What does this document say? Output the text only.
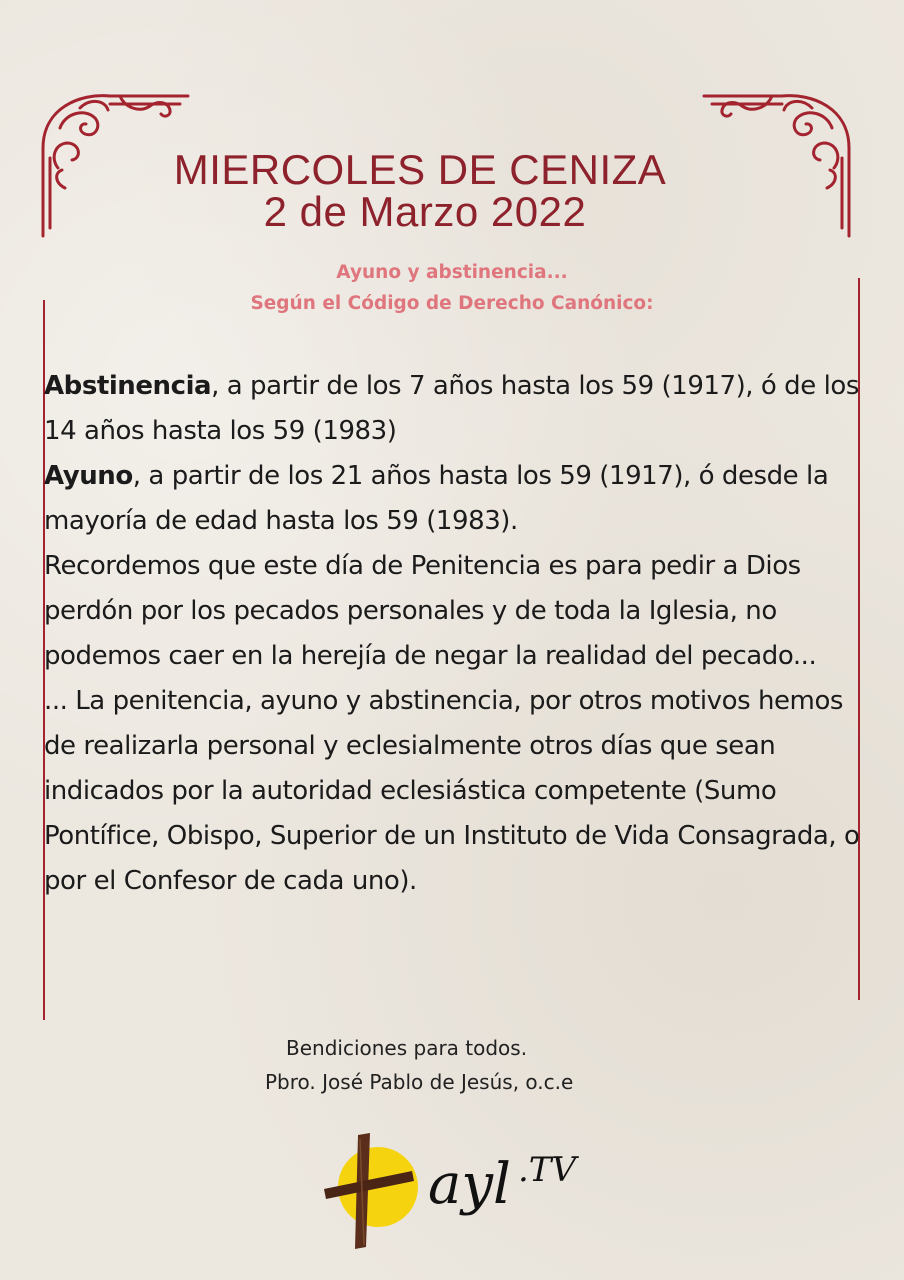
MIERCOLES DE CENIZA
2 de Marzo 2022
Ayuno y abstinencia...
Según el Código de Derecho Canónico:

Abstinencia, a partir de los 7 años hasta los 59 (1917), ó de los 14 años hasta los 59 (1983)

Ayuno, a partir de los 21 años hasta los 59 (1917), ó desde la mayoría de edad hasta los 59 (1983).

Recordemos que este día de Penitencia es para pedir a Dios perdón por los pecados personales y de toda la Iglesia, no podemos caer en la herejía de negar la realidad del pecado...

... La penitencia, ayuno y abstinencia, por otros motivos hemos de realizarla personal y eclesialmente otros días que sean indicados por la autoridad eclesiástica competente (Sumo Pontífice, Obispo, Superior de un Instituto de Vida Consagrada, o por el Confesor de cada uno).

Bendiciones para todos.
Pbro. José Pablo de Jesús, o.c.e
ayl .TV
